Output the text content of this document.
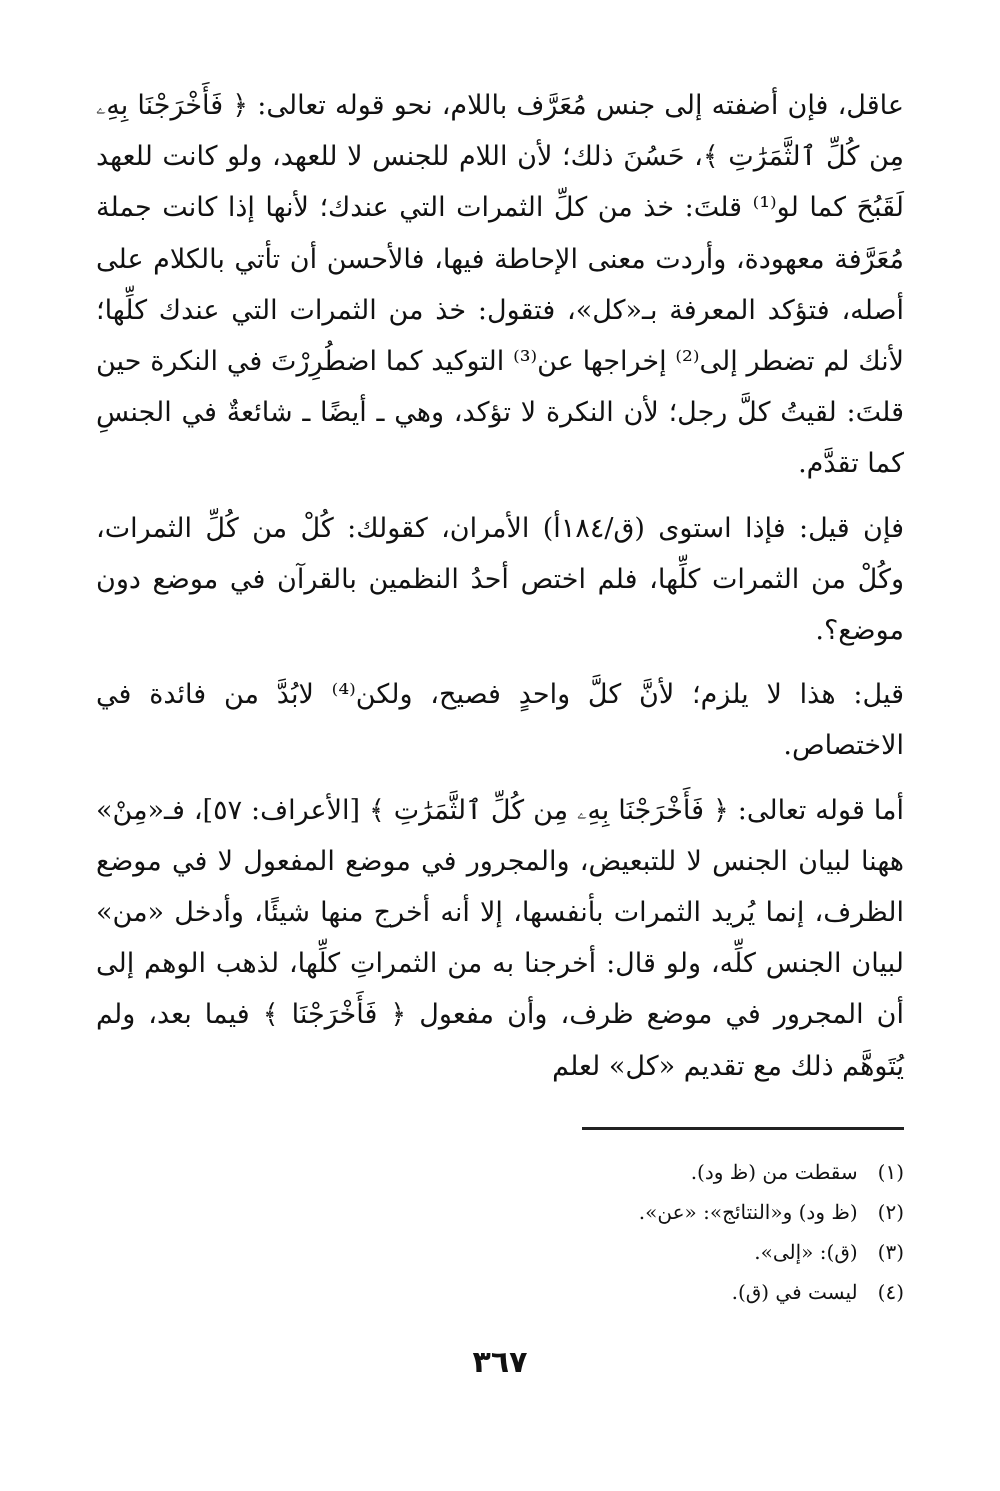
عاقل، فإن أضفته إلى جنس مُعَرَّف باللام، نحو قوله تعالى: ﴿ فَأَخْرَجْنَا بِهِۦ مِن كُلِّ ٱلثَّمَرَٰتِ ﴾، حَسُنَ ذلك؛ لأن اللام للجنس لا للعهد، ولو كانت للعهد لَقَبُحَ كما لو⁽¹⁾ قلتَ: خذ من كلِّ الثمرات التي عندك؛ لأنها إذا كانت جملة مُعَرَّفة معهودة، وأردت معنى الإحاطة فيها، فالأحسن أن تأتي بالكلام على أصله، فتؤكد المعرفة بـ«كل»، فتقول: خذ من الثمرات التي عندك كلِّها؛ لأنك لم تضطر إلى⁽²⁾ إخراجها عن⁽³⁾ التوكيد كما اضطُرِرْتَ في النكرة حين قلتَ: لقيتُ كلَّ رجل؛ لأن النكرة لا تؤكد، وهي ـ أيضًا ـ شائعةٌ في الجنسِ كما تقدَّم.

فإن قيل: فإذا استوى (ق/١٨٤أ) الأمران، كقولك: كُلْ من كُلِّ الثمرات، وكُلْ من الثمرات كلِّها، فلم اختص أحدُ النظمين بالقرآن في موضع دون موضع؟.

قيل: هذا لا يلزم؛ لأنَّ كلَّ واحدٍ فصيح، ولكن⁽⁴⁾ لابُدَّ من فائدة في الاختصاص.

أما قوله تعالى: ﴿ فَأَخْرَجْنَا بِهِۦ مِن كُلِّ ٱلثَّمَرَٰتِ ﴾ [الأعراف: ٥٧]، فـ«مِنْ» ههنا لبيان الجنس لا للتبعيض، والمجرور في موضع المفعول لا في موضع الظرف، إنما يُريد الثمرات بأنفسها، إلا أنه أخرج منها شيئًا، وأدخل «من» لبيان الجنس كلِّه، ولو قال: أخرجنا به من الثمراتِ كلِّها، لذهب الوهم إلى أن المجرور في موضع ظرف، وأن مفعول ﴿ فَأَخْرَجْنَا ﴾ فيما بعد، ولم يُتَوهَّم ذلك مع تقديم «كل» لعلم

(١) سقطت من (ظ ود).
(٢) (ظ ود) و«النتائج»: «عن».
(٣) (ق): «إلى».
(٤) ليست في (ق).
٣٦٧
